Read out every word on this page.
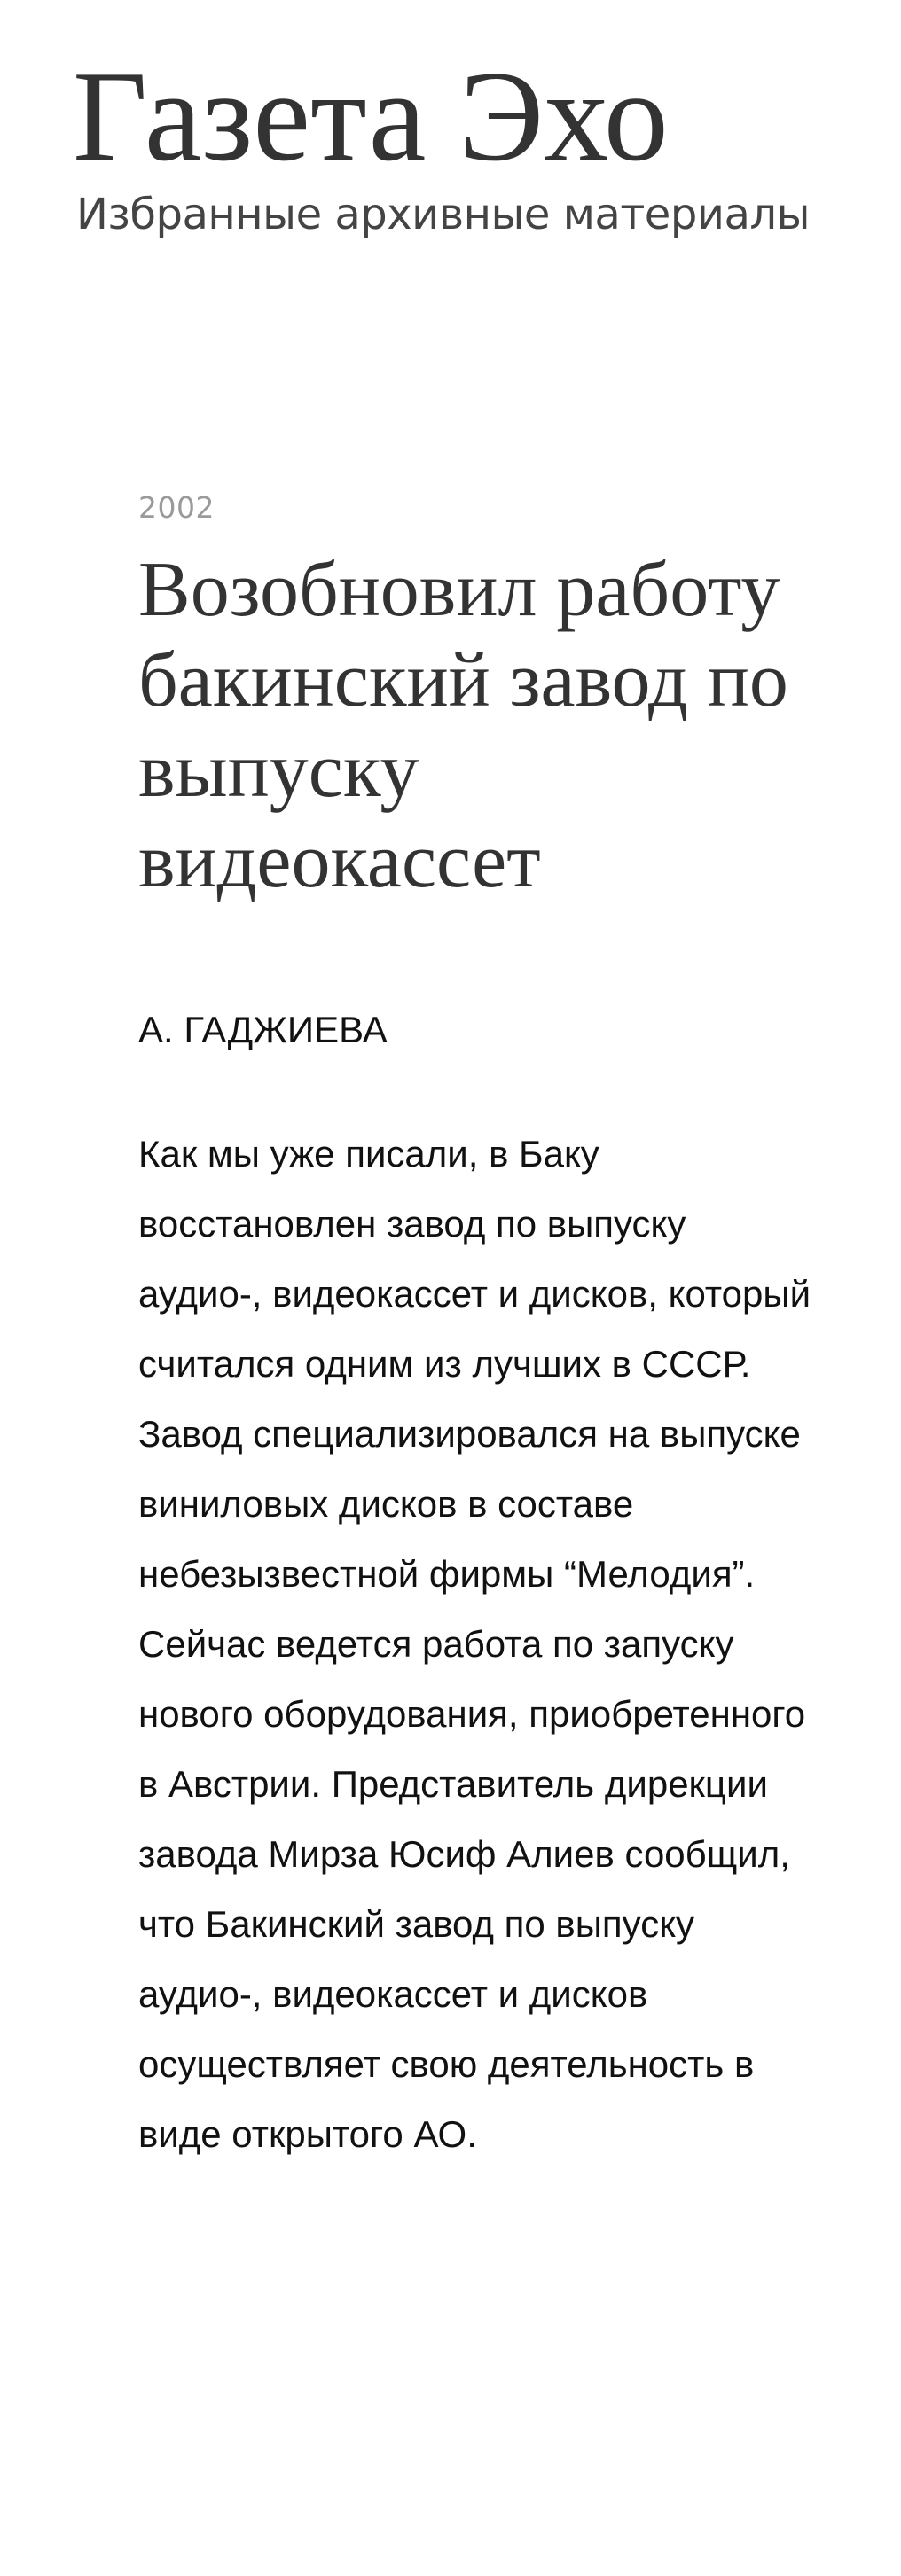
Газета Эхо
Избранные архивные материалы
2002
Возобновил работу бакинский завод по выпуску видеокассет
А. ГАДЖИЕВА

Как мы уже писали, в Баку восстановлен завод по выпуску аудио-, видеокассет и дисков, который считался одним из лучших в СССР. Завод специализировался на выпуске виниловых дисков в составе небезызвестной фирмы “Мелодия”. Сейчас ведется работа по запуску нового оборудования, приобретенного в Австрии. Представитель дирекции завода Мирза Юсиф Алиев сообщил, что Бакинский завод по выпуску аудио-, видеокассет и дисков осуществляет свою деятельность в виде открытого АО.
